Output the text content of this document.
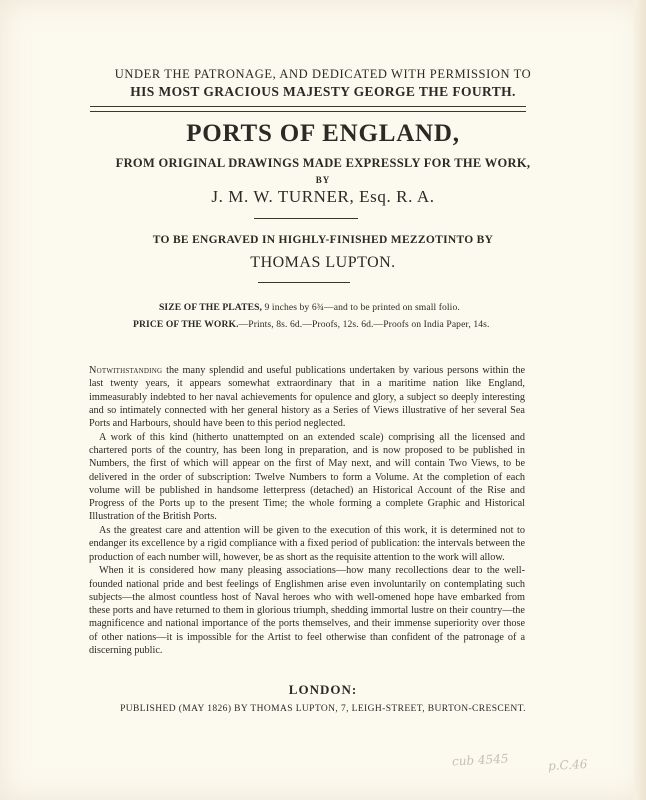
UNDER THE PATRONAGE, AND DEDICATED WITH PERMISSION TO
HIS MOST GRACIOUS MAJESTY GEORGE THE FOURTH.
PORTS OF ENGLAND,
FROM ORIGINAL DRAWINGS MADE EXPRESSLY FOR THE WORK,
BY
J. M. W. TURNER, Esq. R. A.
TO BE ENGRAVED IN HIGHLY-FINISHED MEZZOTINTO BY
THOMAS LUPTON.
SIZE OF THE PLATES, 9 inches by 6¾—and to be printed on small folio.
PRICE OF THE WORK.—Prints, 8s. 6d.—Proofs, 12s. 6d.—Proofs on India Paper, 14s.

Notwithstanding the many splendid and useful publications undertaken by various persons within the last twenty years, it appears somewhat extraordinary that in a maritime nation like England, immeasurably indebted to her naval achievements for opulence and glory, a subject so deeply interesting and so intimately connected with her general history as a Series of Views illustrative of her several Sea Ports and Harbours, should have been to this period neglected.

A work of this kind (hitherto unattempted on an extended scale) comprising all the licensed and chartered ports of the country, has been long in preparation, and is now proposed to be published in Numbers, the first of which will appear on the first of May next, and will contain Two Views, to be delivered in the order of subscription: Twelve Numbers to form a Volume. At the completion of each volume will be published in handsome letterpress (detached) an Historical Account of the Rise and Progress of the Ports up to the present Time; the whole forming a complete Graphic and Historical Illustration of the British Ports.

As the greatest care and attention will be given to the execution of this work, it is determined not to endanger its excellence by a rigid compliance with a fixed period of publication: the intervals between the production of each number will, however, be as short as the requisite attention to the work will allow.

When it is considered how many pleasing associations—how many recollections dear to the well-founded national pride and best feelings of Englishmen arise even involuntarily on contemplating such subjects—the almost countless host of Naval heroes who with well-omened hope have embarked from these ports and have returned to them in glorious triumph, shedding immortal lustre on their country—the magnificence and national importance of the ports themselves, and their immense superiority over those of other nations—it is impossible for the Artist to feel otherwise than confident of the patronage of a discerning public.

LONDON:
PUBLISHED (MAY 1826) BY THOMAS LUPTON, 7, LEIGH-STREET, BURTON-CRESCENT.
cub 4545	p.C.46
